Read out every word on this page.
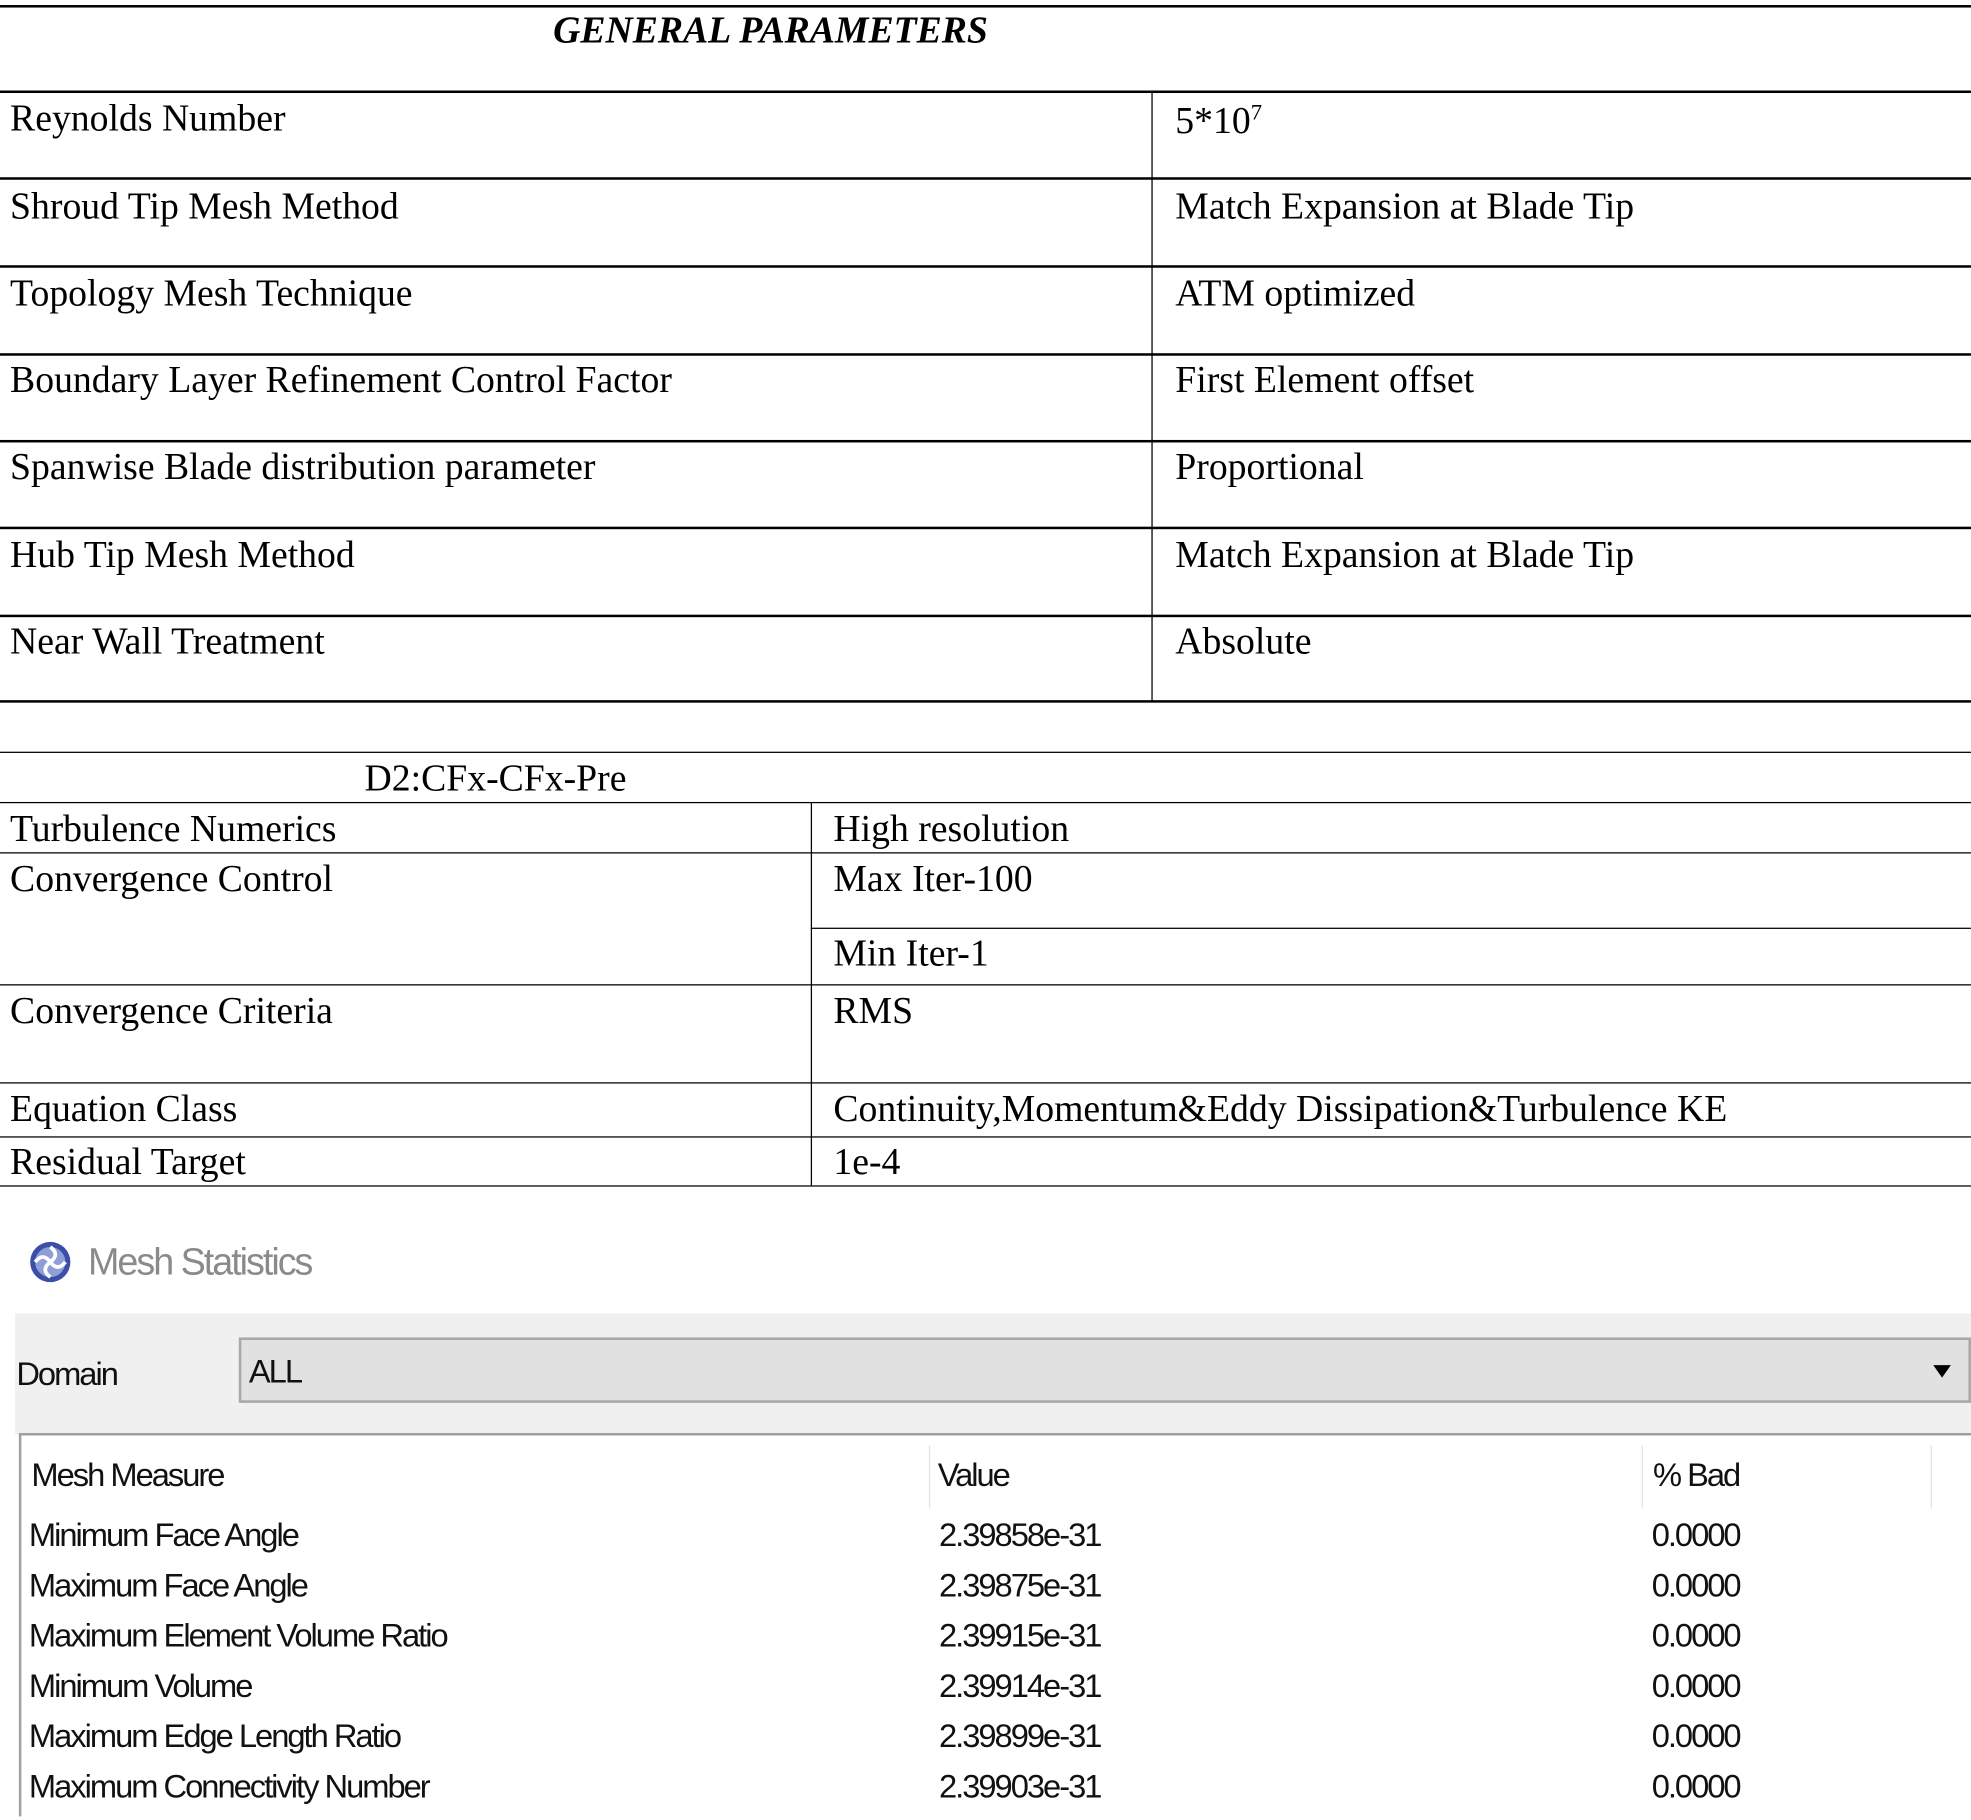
GENERAL PARAMETERS
Reynolds Number	$5*10^7$
Shroud Tip Mesh Method	Match Expansion at Blade Tip
Topology Mesh Technique	ATM optimized
Boundary Layer Refinement Control Factor	First Element offset
Spanwise Blade distribution parameter	Proportional
Hub Tip Mesh Method	Match Expansion at Blade Tip
Near Wall Treatment	Absolute
D2:CFx-CFx-Pre
Turbulence Numerics	High resolution
Convergence Control	Max Iter-100
Min Iter-1
Convergence Criteria	RMS
Equation Class	Continuity,Momentum&Eddy Dissipation&Turbulence KE
Residual Target	1e-4
Mesh Statistics
Domain	ALL
Mesh Measure	Value	% Bad
Minimum Face Angle	2.39858e-31	0.0000
Maximum Face Angle	2.39875e-31	0.0000
Maximum Element Volume Ratio	2.39915e-31	0.0000
Minimum Volume	2.39914e-31	0.0000
Maximum Edge Length Ratio	2.39899e-31	0.0000
Maximum Connectivity Number	2.39903e-31	0.0000
